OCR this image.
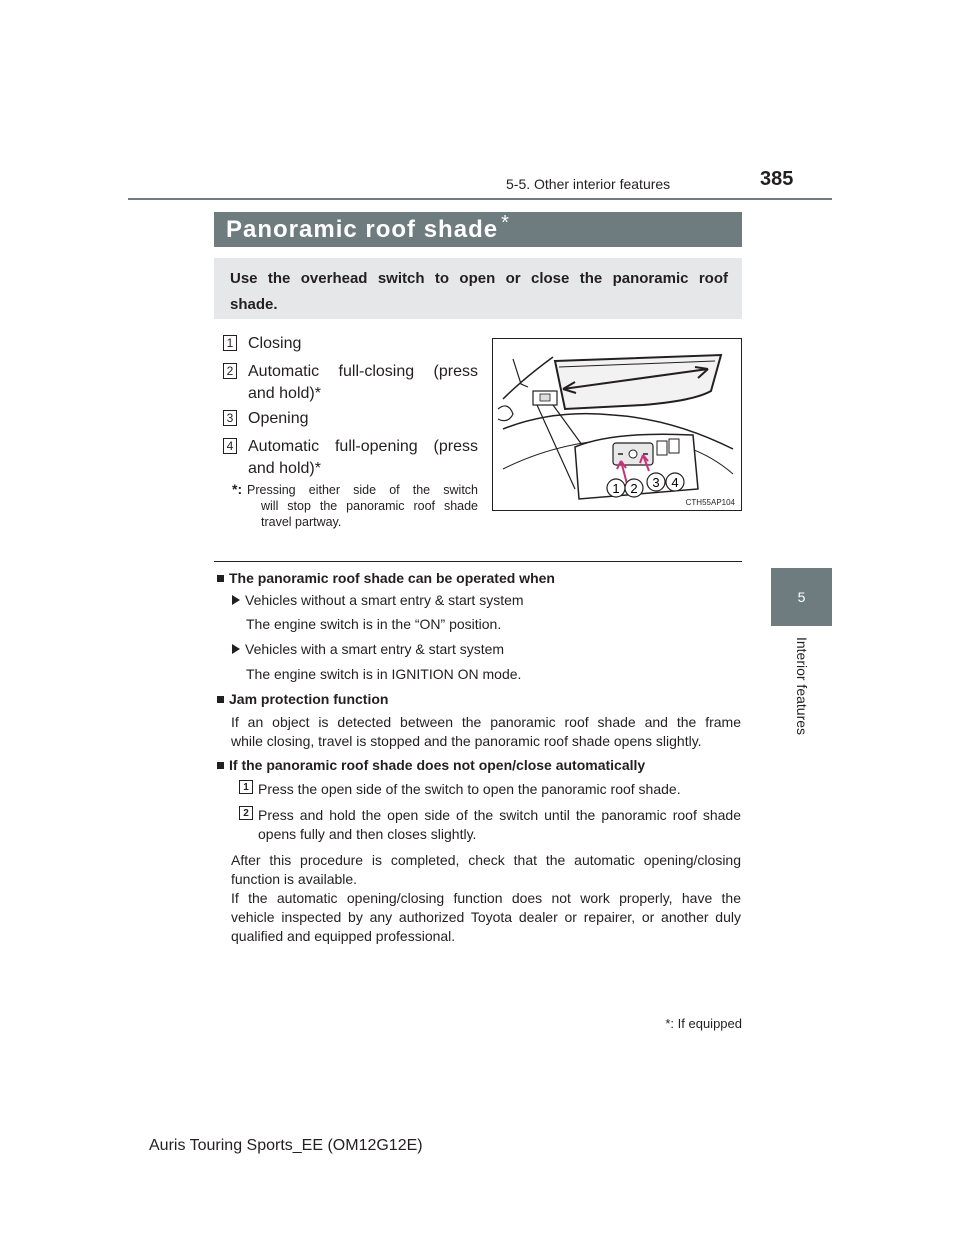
5-5. Other interior features	385
5
Interior features
Panoramic roof shade*
Use the overhead switch to open or close the panoramic roof
shade.
1 Closing
2 Automatic full-closing (press
and hold)*
3 Opening
4 Automatic full-opening (press
and hold)*
*: Pressing either side of the switch
will stop the panoramic roof shade
travel partway.
1 2 3 4
CTH55AP104
The panoramic roof shade can be operated when
Vehicles without a smart entry & start system
The engine switch is in the “ON” position.
Vehicles with a smart entry & start system
The engine switch is in IGNITION ON mode.
Jam protection function
If an object is detected between the panoramic roof shade and the frame
while closing, travel is stopped and the panoramic roof shade opens slightly.
If the panoramic roof shade does not open/close automatically
1 Press the open side of the switch to open the panoramic roof shade.
2 Press and hold the open side of the switch until the panoramic roof shade
opens fully and then closes slightly.
After this procedure is completed, check that the automatic opening/closing
function is available.
If the automatic opening/closing function does not work properly, have the
vehicle inspected by any authorized Toyota dealer or repairer, or another duly
qualified and equipped professional.
*: If equipped
Auris Touring Sports_EE (OM12G12E)
